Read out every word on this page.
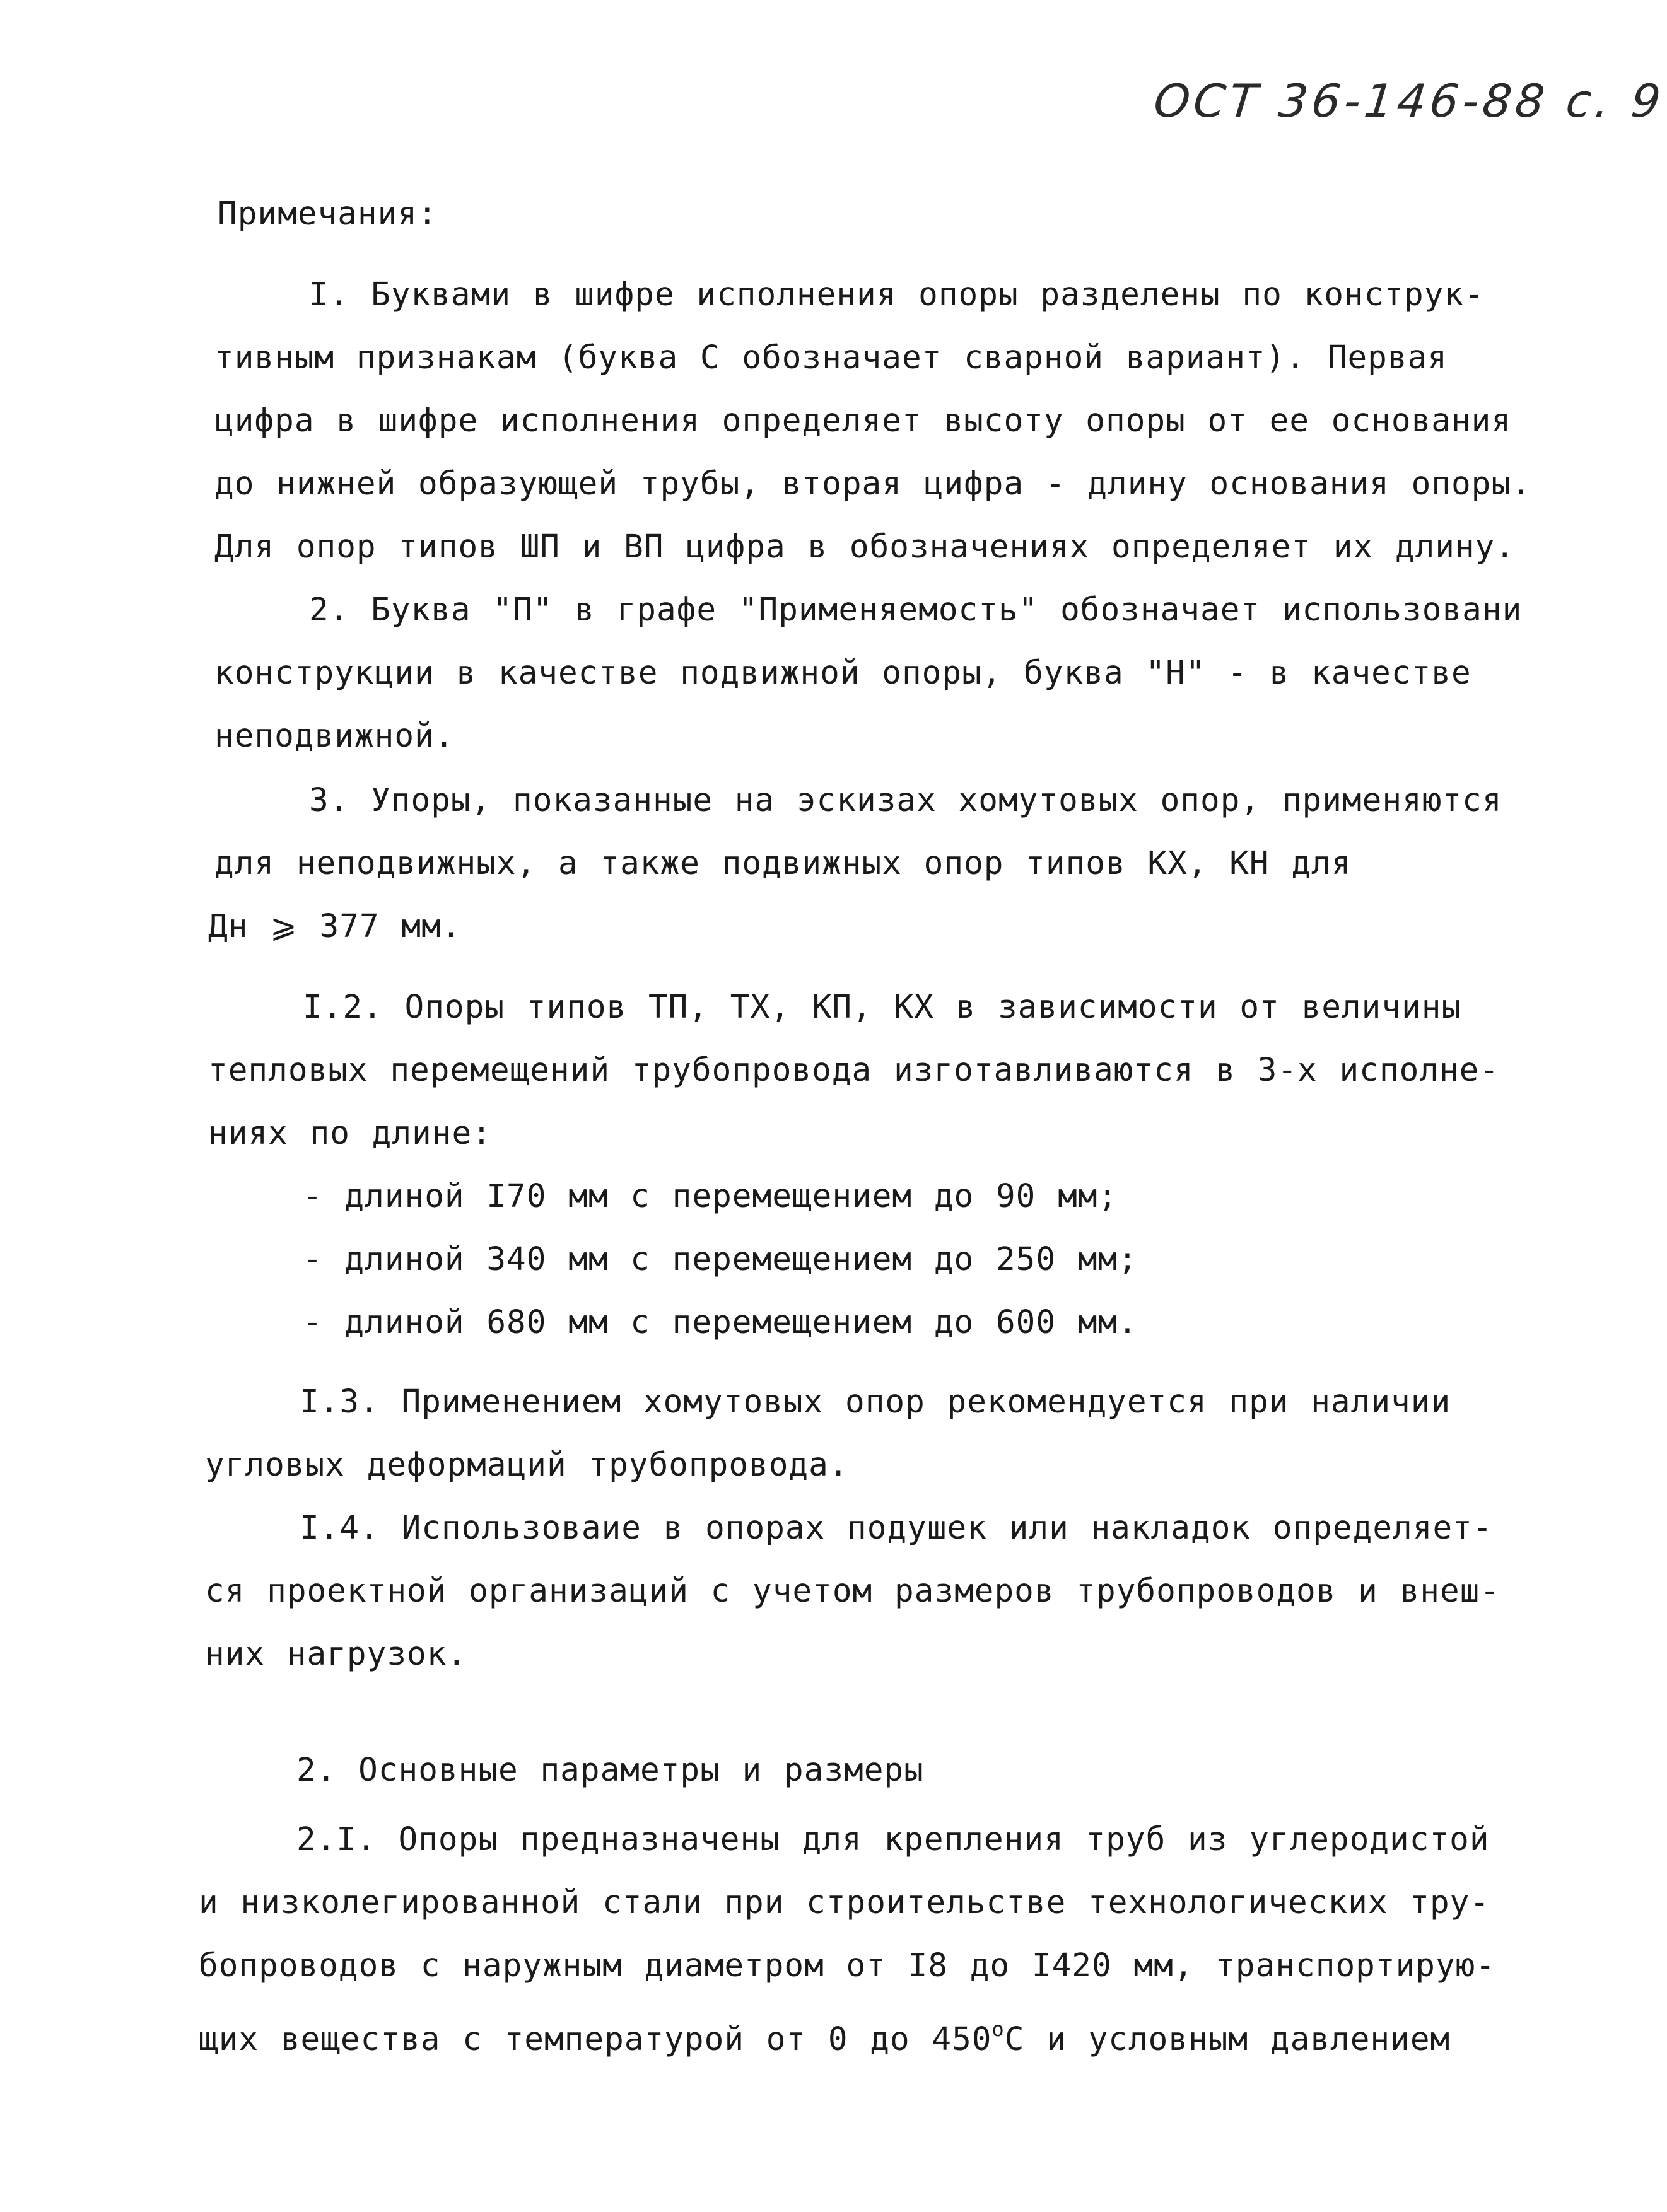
ОСТ 36-146-88 с. 9
Примечания:
I. Буквами в шифре исполнения опоры разделены по конструк-
тивным признакам (буква С обозначает сварной вариант). Первая
цифра в шифре исполнения определяет высоту опоры от ее основания
до нижней образующей трубы, вторая цифра - длину основания опоры.
Для опор типов ШП и ВП цифра в обозначениях определяет их длину.
2. Буква "П" в графе "Применяемость" обозначает использовани
конструкции в качестве подвижной опоры, буква "Н" - в качестве
неподвижной.
3. Упоры, показанные на эскизах хомутовых опор, применяются
для неподвижных, а также подвижных опор типов КХ, КН для
Дн ⩾ 377 мм.
I.2. Опоры типов ТП, ТХ, КП, КХ в зависимости от величины
тепловых перемещений трубопровода изготавливаются в 3-х исполне-
ниях по длине:
- длиной I70 мм с перемещением до 90 мм;
- длиной 340 мм с перемещением до 250 мм;
- длиной 680 мм с перемещением до 600 мм.
I.3. Применением хомутовых опор рекомендуется при наличии
угловых деформаций трубопровода.
I.4. Использоваие в опорах подушек или накладок определяет-
ся проектной организаций с учетом размеров трубопроводов и внеш-
них нагрузок.
2. Основные параметры и размеры
2.I. Опоры предназначены для крепления труб из углеродистой
и низколегированной стали при строительстве технологических тру-
бопроводов с наружным диаметром от I8 до I420 мм, транспортирую-
щих вещества с температурой от 0 до 450$^o$С и условным давлением
